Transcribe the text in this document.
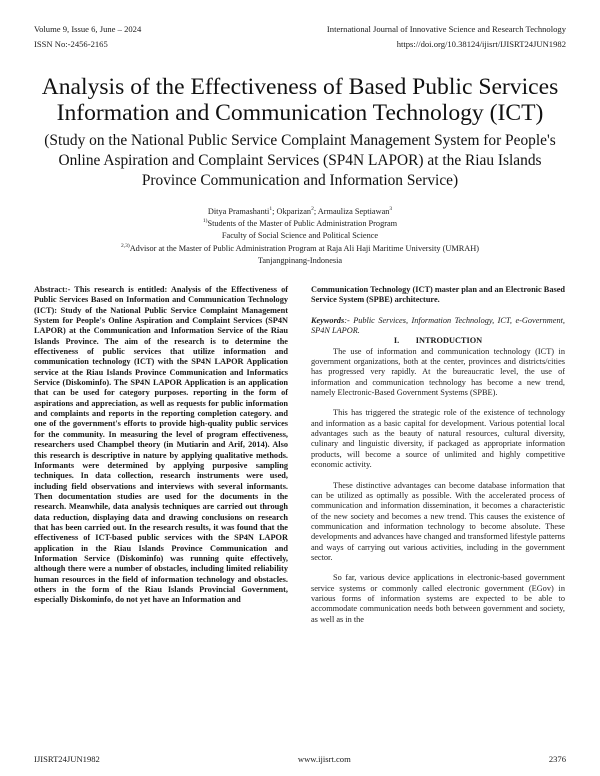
Volume 9, Issue 6, June – 2024	International Journal of Innovative Science and Research Technology
ISSN No:-2456-2165	https://doi.org/10.38124/ijisrt/IJISRT24JUN1982
Analysis of the Effectiveness of Based Public Services Information and Communication Technology (ICT)
(Study on the National Public Service Complaint Management System for People's Online Aspiration and Complaint Services (SP4N LAPOR) at the Riau Islands Province Communication and Information Service)
Ditya Pramashanti$^1$; Okparizan$^2$; Armauliza Septiawan$^3$
$^{1)}$Students of the Master of Public Administration Program
Faculty of Social Science and Political Science
$^{2,3)}$Advisor at the Master of Public Administration Program at Raja Ali Haji Maritime University (UMRAH)
Tanjangpinang-Indonesia

Abstract:- This research is entitled: Analysis of the Effectiveness of Public Services Based on Information and Communication Technology (ICT): Study of the National Public Service Complaint Management System for People's Online Aspiration and Complaint Services (SP4N LAPOR) at the Communication and Information Service of the Riau Islands Province. The aim of the research is to determine the effectiveness of public services that utilize information and communication technology (ICT) with the SP4N LAPOR Application service at the Riau Islands Province Communication and Informatics Service (Diskominfo). The SP4N LAPOR Application is an application that can be used for category purposes. reporting in the form of aspirations and appreciation, as well as requests for public information and complaints and reports in the reporting completion category. and one of the government's efforts to provide high-quality public services for the community. In measuring the level of program effectiveness, researchers used Champbel theory (in Mutiarin and Arif, 2014). Also this research is descriptive in nature by applying qualitative methods. Informants were determined by applying purposive sampling techniques. In data collection, research instruments were used, including field observations and interviews with several informants. Then documentation studies are used for the documents in the research. Meanwhile, data analysis techniques are carried out through data reduction, displaying data and drawing conclusions on research that has been carried out. In the research results, it was found that the effectiveness of ICT-based public services with the SP4N LAPOR application in the Riau Islands Province Communication and Information Service (Diskominfo) was running quite effectively, although there were a number of obstacles, including limited reliability human resources in the field of information technology and obstacles. others in the form of the Riau Islands Provincial Government, especially Diskominfo, do not yet have an Information and

Communication Technology (ICT) master plan and an Electronic Based Service System (SPBE) architecture.

Keywords:- Public Services, Information Technology, ICT, e-Government, SP4N LAPOR.

I.        INTRODUCTION

The use of information and communication technology (ICT) in government organizations, both at the center, provinces and districts/cities has progressed very rapidly. At the bureaucratic level, the use of information and communication technology has become a new trend, namely Electronic-Based Government Systems (SPBE).

This has triggered the strategic role of the existence of technology and information as a basic capital for development. Various potential local advantages such as the beauty of natural resources, cultural diversity, culinary and linguistic diversity, if packaged as appropriate information products, will become a source of unlimited and highly competitive economic activity.

These distinctive advantages can become database information that can be utilized as optimally as possible. With the accelerated process of communication and information dissemination, it becomes a characteristic of the new society and becomes a new trend. This causes the existence of communication and information technology to become absolute. These developments and advances have changed and transformed lifestyle patterns and ways of carrying out various activities, including in the government sector.

So far, various device applications in electronic-based government service systems or commonly called electronic government (EGov) in various forms of information systems are expected to be able to accommodate communication needs both between government and society, as well as in the

IJISRT24JUN1982	www.ijisrt.com	2376
